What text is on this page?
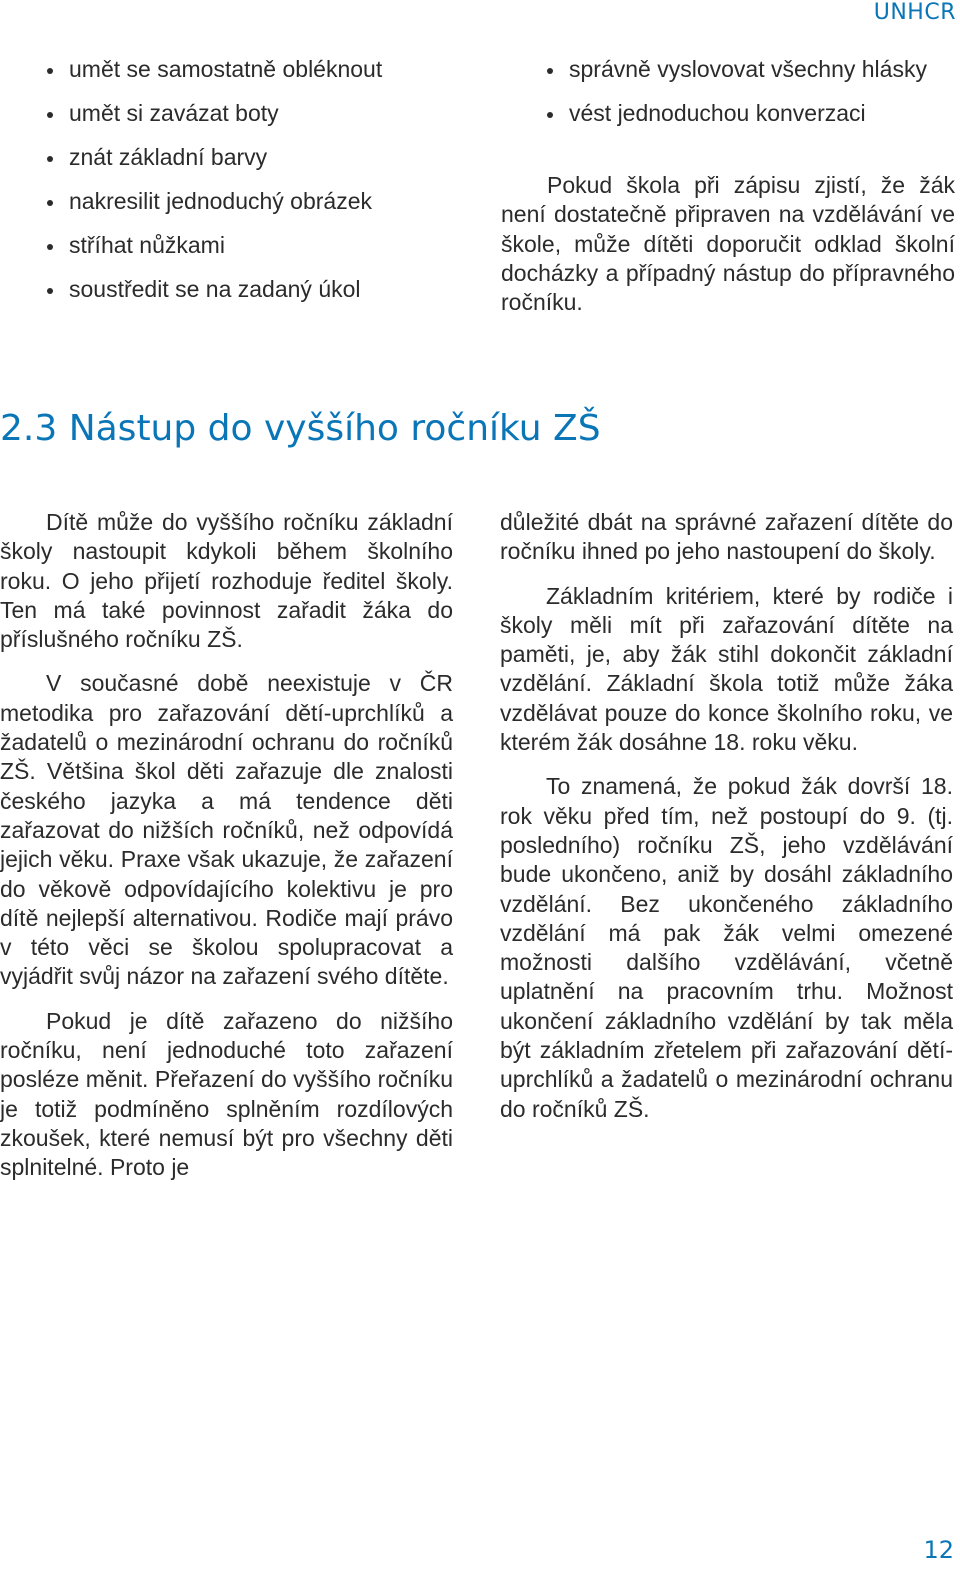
UNHCR
umět se samostatně obléknout
umět si zavázat boty
znát základní barvy
nakresilit jednoduchý obrázek
stříhat nůžkami
soustředit se na zadaný úkol
správně vyslovovat všechny hlásky
vést jednoduchou konverzaci

Pokud škola při zápisu zjistí, že žák není dostatečně připraven na vzdělávání ve škole, může dítěti doporučit odklad školní docházky a případný nástup do přípravného ročníku.

2.3 Nástup do vyššího ročníku ZŠ

Dítě může do vyššího ročníku základní školy nastoupit kdykoli během školního roku. O jeho přijetí rozhoduje ředitel školy. Ten má také povinnost zařadit žáka do příslušného ročníku ZŠ.

V současné době neexistuje v ČR metodika pro zařazování dětí-uprchlíků a žadatelů o mezinárodní ochranu do ročníků ZŠ. Většina škol děti zařazuje dle znalosti českého jazyka a má tendence děti zařazovat do nižších ročníků, než odpovídá jejich věku. Praxe však ukazuje, že zařazení do věkově odpovídajícího kolektivu je pro dítě nejlepší alternativou. Rodiče mají právo v této věci se školou spolupracovat a vyjádřit svůj názor na zařazení svého dítěte.

Pokud je dítě zařazeno do nižšího ročníku, není jednoduché toto zařazení posléze měnit. Přeřazení do vyššího ročníku je totiž podmíněno splněním rozdílových zkoušek, které nemusí být pro všechny děti splnitelné. Proto je

důležité dbát na správné zařazení dítěte do ročníku ihned po jeho nastoupení do školy.

Základním kritériem, které by rodiče i školy měli mít při zařazování dítěte na paměti, je, aby žák stihl dokončit základní vzdělání. Základní škola totiž může žáka vzdělávat pouze do konce školního roku, ve kterém žák dosáhne 18. roku věku.

To znamená, že pokud žák dovrší 18. rok věku před tím, než postoupí do 9. (tj. posledního) ročníku ZŠ, jeho vzdělávání bude ukončeno, aniž by dosáhl základního vzdělání. Bez ukončeného základního vzdělání má pak žák velmi omezené možnosti dalšího vzdělávání, včetně uplatnění na pracovním trhu. Možnost ukončení základního vzdělání by tak měla být základním zřetelem při zařazování dětí-uprchlíků a žadatelů o mezinárodní ochranu do ročníků ZŠ.

12
